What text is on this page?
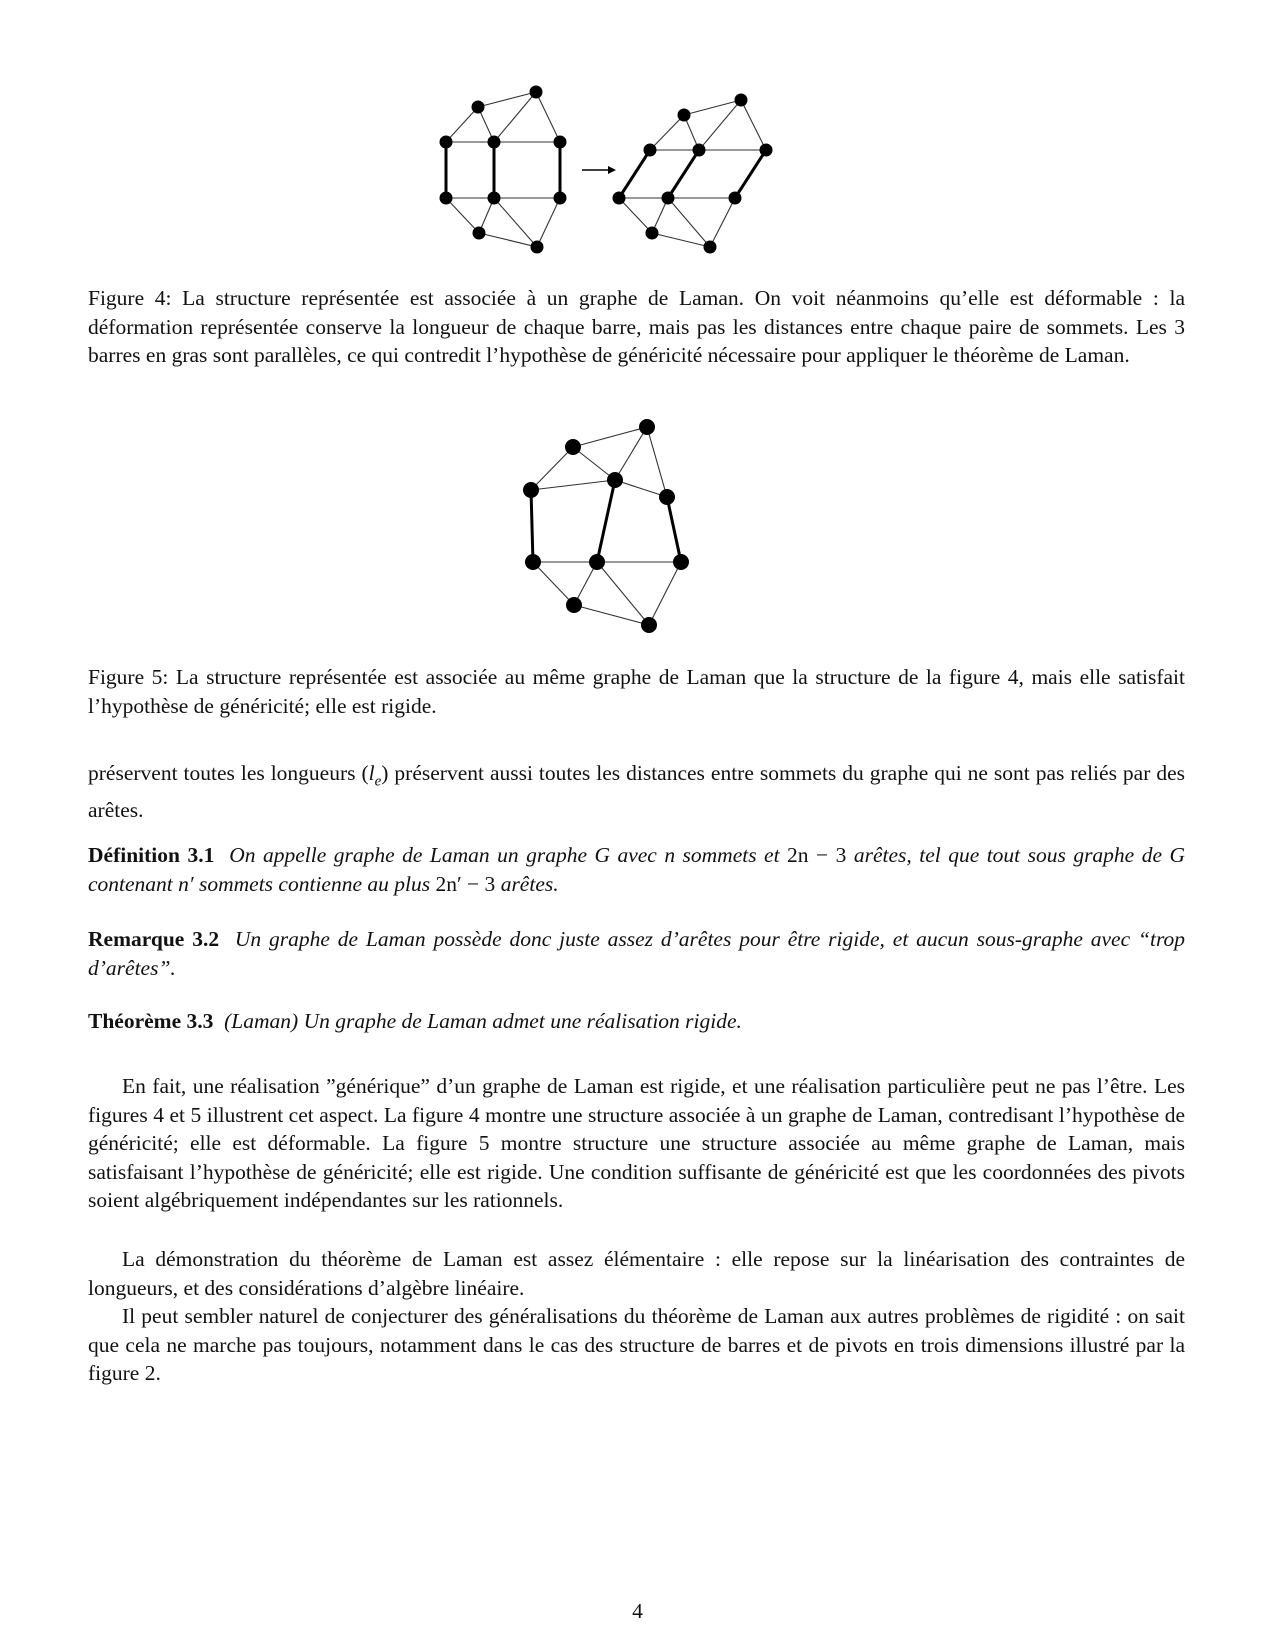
Figure 4: La structure représentée est associée à un graphe de Laman. On voit néanmoins qu’elle est déformable : la déformation représentée conserve la longueur de chaque barre, mais pas les distances entre chaque paire de sommets. Les 3 barres en gras sont parallèles, ce qui contredit l’hypothèse de généricité nécessaire pour appliquer le théorème de Laman.
Figure 5: La structure représentée est associée au même graphe de Laman que la structure de la figure 4, mais elle satisfait l’hypothèse de généricité; elle est rigide.
préservent toutes les longueurs $(l_e)$ préservent aussi toutes les distances entre sommets du graphe qui ne sont pas reliés par des arêtes.
Définition 3.1 On appelle graphe de Laman un graphe G avec n sommets et 2n − 3 arêtes, tel que tout sous graphe de G contenant n′ sommets contienne au plus 2n′ − 3 arêtes.
Remarque 3.2 Un graphe de Laman possède donc juste assez d’arêtes pour être rigide, et aucun sous-graphe avec “trop d’arêtes”.
Théorème 3.3 (Laman) Un graphe de Laman admet une réalisation rigide.
En fait, une réalisation ”générique” d’un graphe de Laman est rigide, et une réalisation particulière peut ne pas l’être. Les figures 4 et 5 illustrent cet aspect. La figure 4 montre une structure associée à un graphe de Laman, contredisant l’hypothèse de généricité; elle est déformable. La figure 5 montre structure une structure associée au même graphe de Laman, mais satisfaisant l’hypothèse de généricité; elle est rigide. Une condition suffisante de généricité est que les coordonnées des pivots soient algébriquement indépendantes sur les rationnels.
La démonstration du théorème de Laman est assez élémentaire : elle repose sur la linéarisation des contraintes de longueurs, et des considérations d’algèbre linéaire.
Il peut sembler naturel de conjecturer des généralisations du théorème de Laman aux autres problèmes de rigidité : on sait que cela ne marche pas toujours, notamment dans le cas des structure de barres et de pivots en trois dimensions illustré par la figure 2.
4
